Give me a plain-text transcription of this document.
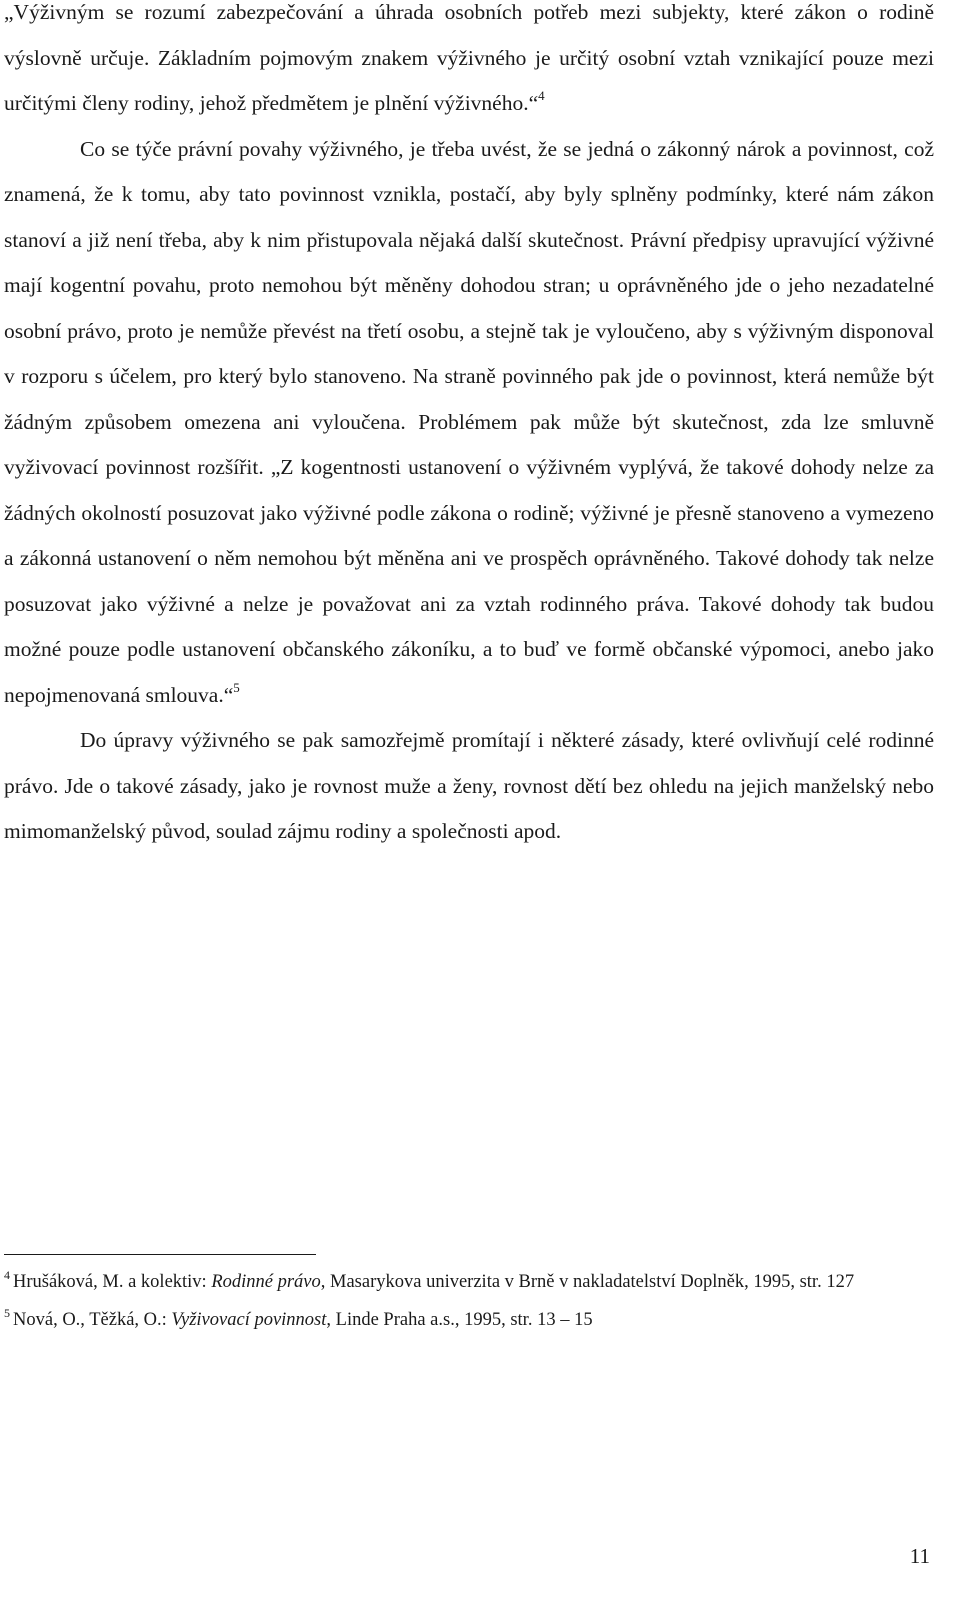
„Výživným se rozumí zabezpečování a úhrada osobních potřeb mezi subjekty, které zákon o rodině výslovně určuje. Základním pojmovým znakem výživného je určitý osobní vztah vznikající pouze mezi určitými členy rodiny, jehož předmětem je plnění výživného.“$^4$

Co se týče právní povahy výživného, je třeba uvést, že se jedná o zákonný nárok a povinnost, což znamená, že k tomu, aby tato povinnost vznikla, postačí, aby byly splněny podmínky, které nám zákon stanoví a již není třeba, aby k nim přistupovala nějaká další skutečnost. Právní předpisy upravující výživné mají kogentní povahu, proto nemohou být měněny dohodou stran; u oprávněného jde o jeho nezadatelné osobní právo, proto je nemůže převést na třetí osobu, a stejně tak je vyloučeno, aby s výživným disponoval v rozporu s účelem, pro který bylo stanoveno. Na straně povinného pak jde o povinnost, která nemůže být žádným způsobem omezena ani vyloučena. Problémem pak může být skutečnost, zda lze smluvně vyživovací povinnost rozšířit. „Z kogentnosti ustanovení o výživném vyplývá, že takové dohody nelze za žádných okolností posuzovat jako výživné podle zákona o rodině; výživné je přesně stanoveno a vymezeno a zákonná ustanovení o něm nemohou být měněna ani ve prospěch oprávněného. Takové dohody tak nelze posuzovat jako výživné a nelze je považovat ani za vztah rodinného práva. Takové dohody tak budou možné pouze podle ustanovení občanského zákoníku, a to buď ve formě občanské výpomoci, anebo jako nepojmenovaná smlouva.“$^5$

Do úpravy výživného se pak samozřejmě promítají i některé zásady, které ovlivňují celé rodinné právo. Jde o takové zásady, jako je rovnost muže a ženy, rovnost dětí bez ohledu na jejich manželský nebo mimomanželský původ, soulad zájmu rodiny a společnosti apod.

$^4$ Hrušáková, M. a kolektiv: Rodinné právo, Masarykova univerzita v Brně v nakladatelství Doplněk, 1995, str. 127

$^5$ Nová, O., Těžká, O.: Vyživovací povinnost, Linde Praha a.s., 1995, str. 13 – 15

11
